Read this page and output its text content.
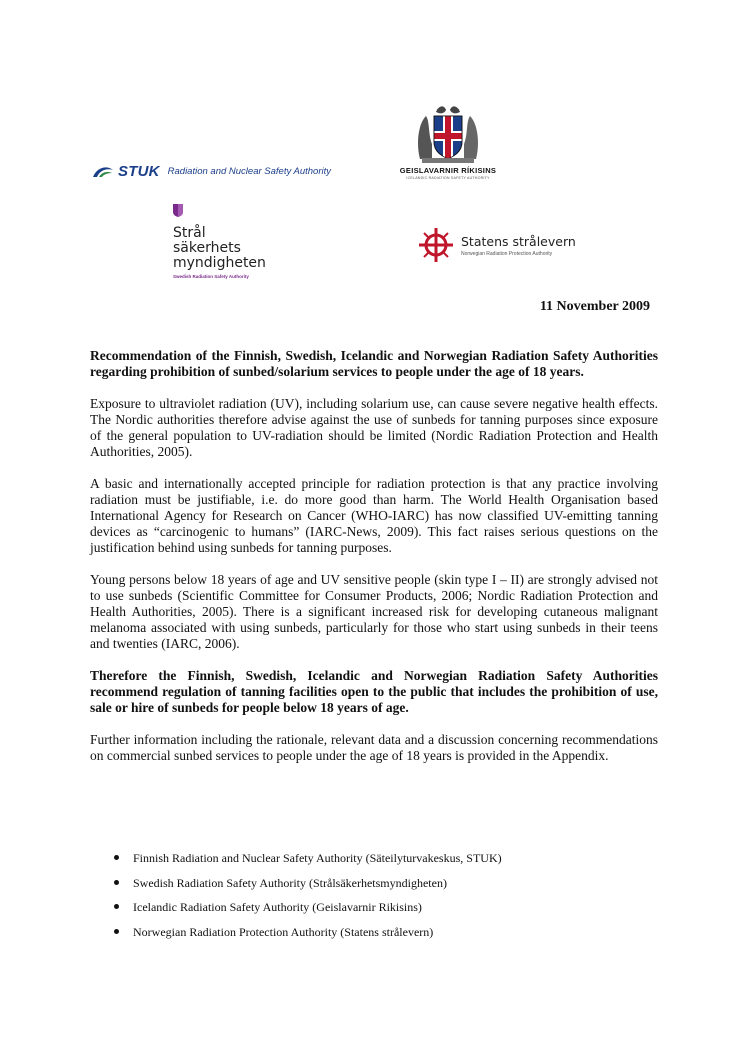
STUK Radiation and Nuclear Safety Authority	GEISLAVARNIR RÍKISINS
ICELANDIC RADIATION SAFETY AUTHORITY
Strål
säkerhets
myndigheten
Swedish Radiation Safety Authority
Statens strålevern
Norwegian Radiation Protection Authority
11 November 2009

Recommendation of the Finnish, Swedish, Icelandic and Norwegian Radiation Safety Authorities regarding prohibition of sunbed/solarium services to people under the age of 18 years.

Exposure to ultraviolet radiation (UV), including solarium use, can cause severe negative health effects. The Nordic authorities therefore advise against the use of sunbeds for tanning purposes since exposure of the general population to UV-radiation should be limited (Nordic Radiation Protection and Health Authorities, 2005).

A basic and internationally accepted principle for radiation protection is that any practice involving radiation must be justifiable, i.e. do more good than harm. The World Health Organisation based International Agency for Research on Cancer (WHO-IARC) has now classified UV-emitting tanning devices as “carcinogenic to humans” (IARC-News, 2009). This fact raises serious questions on the justification behind using sunbeds for tanning purposes.

Young persons below 18 years of age and UV sensitive people (skin type I – II) are strongly advised not to use sunbeds (Scientific Committee for Consumer Products, 2006; Nordic Radiation Protection and Health Authorities, 2005). There is a significant increased risk for developing cutaneous malignant melanoma associated with using sunbeds, particularly for those who start using sunbeds in their teens and twenties (IARC, 2006).

Therefore the Finnish, Swedish, Icelandic and Norwegian Radiation Safety Authorities recommend regulation of tanning facilities open to the public that includes the prohibition of use, sale or hire of sunbeds for people below 18 years of age.

Further information including the rationale, relevant data and a discussion concerning recommendations on commercial sunbed services to people under the age of 18 years is provided in the Appendix.

Finnish Radiation and Nuclear Safety Authority (Säteilyturvakeskus, STUK)
Swedish Radiation Safety Authority (Strålsäkerhetsmyndigheten)
Icelandic Radiation Safety Authority (Geislavarnir Rikisins)
Norwegian Radiation Protection Authority (Statens strålevern)
